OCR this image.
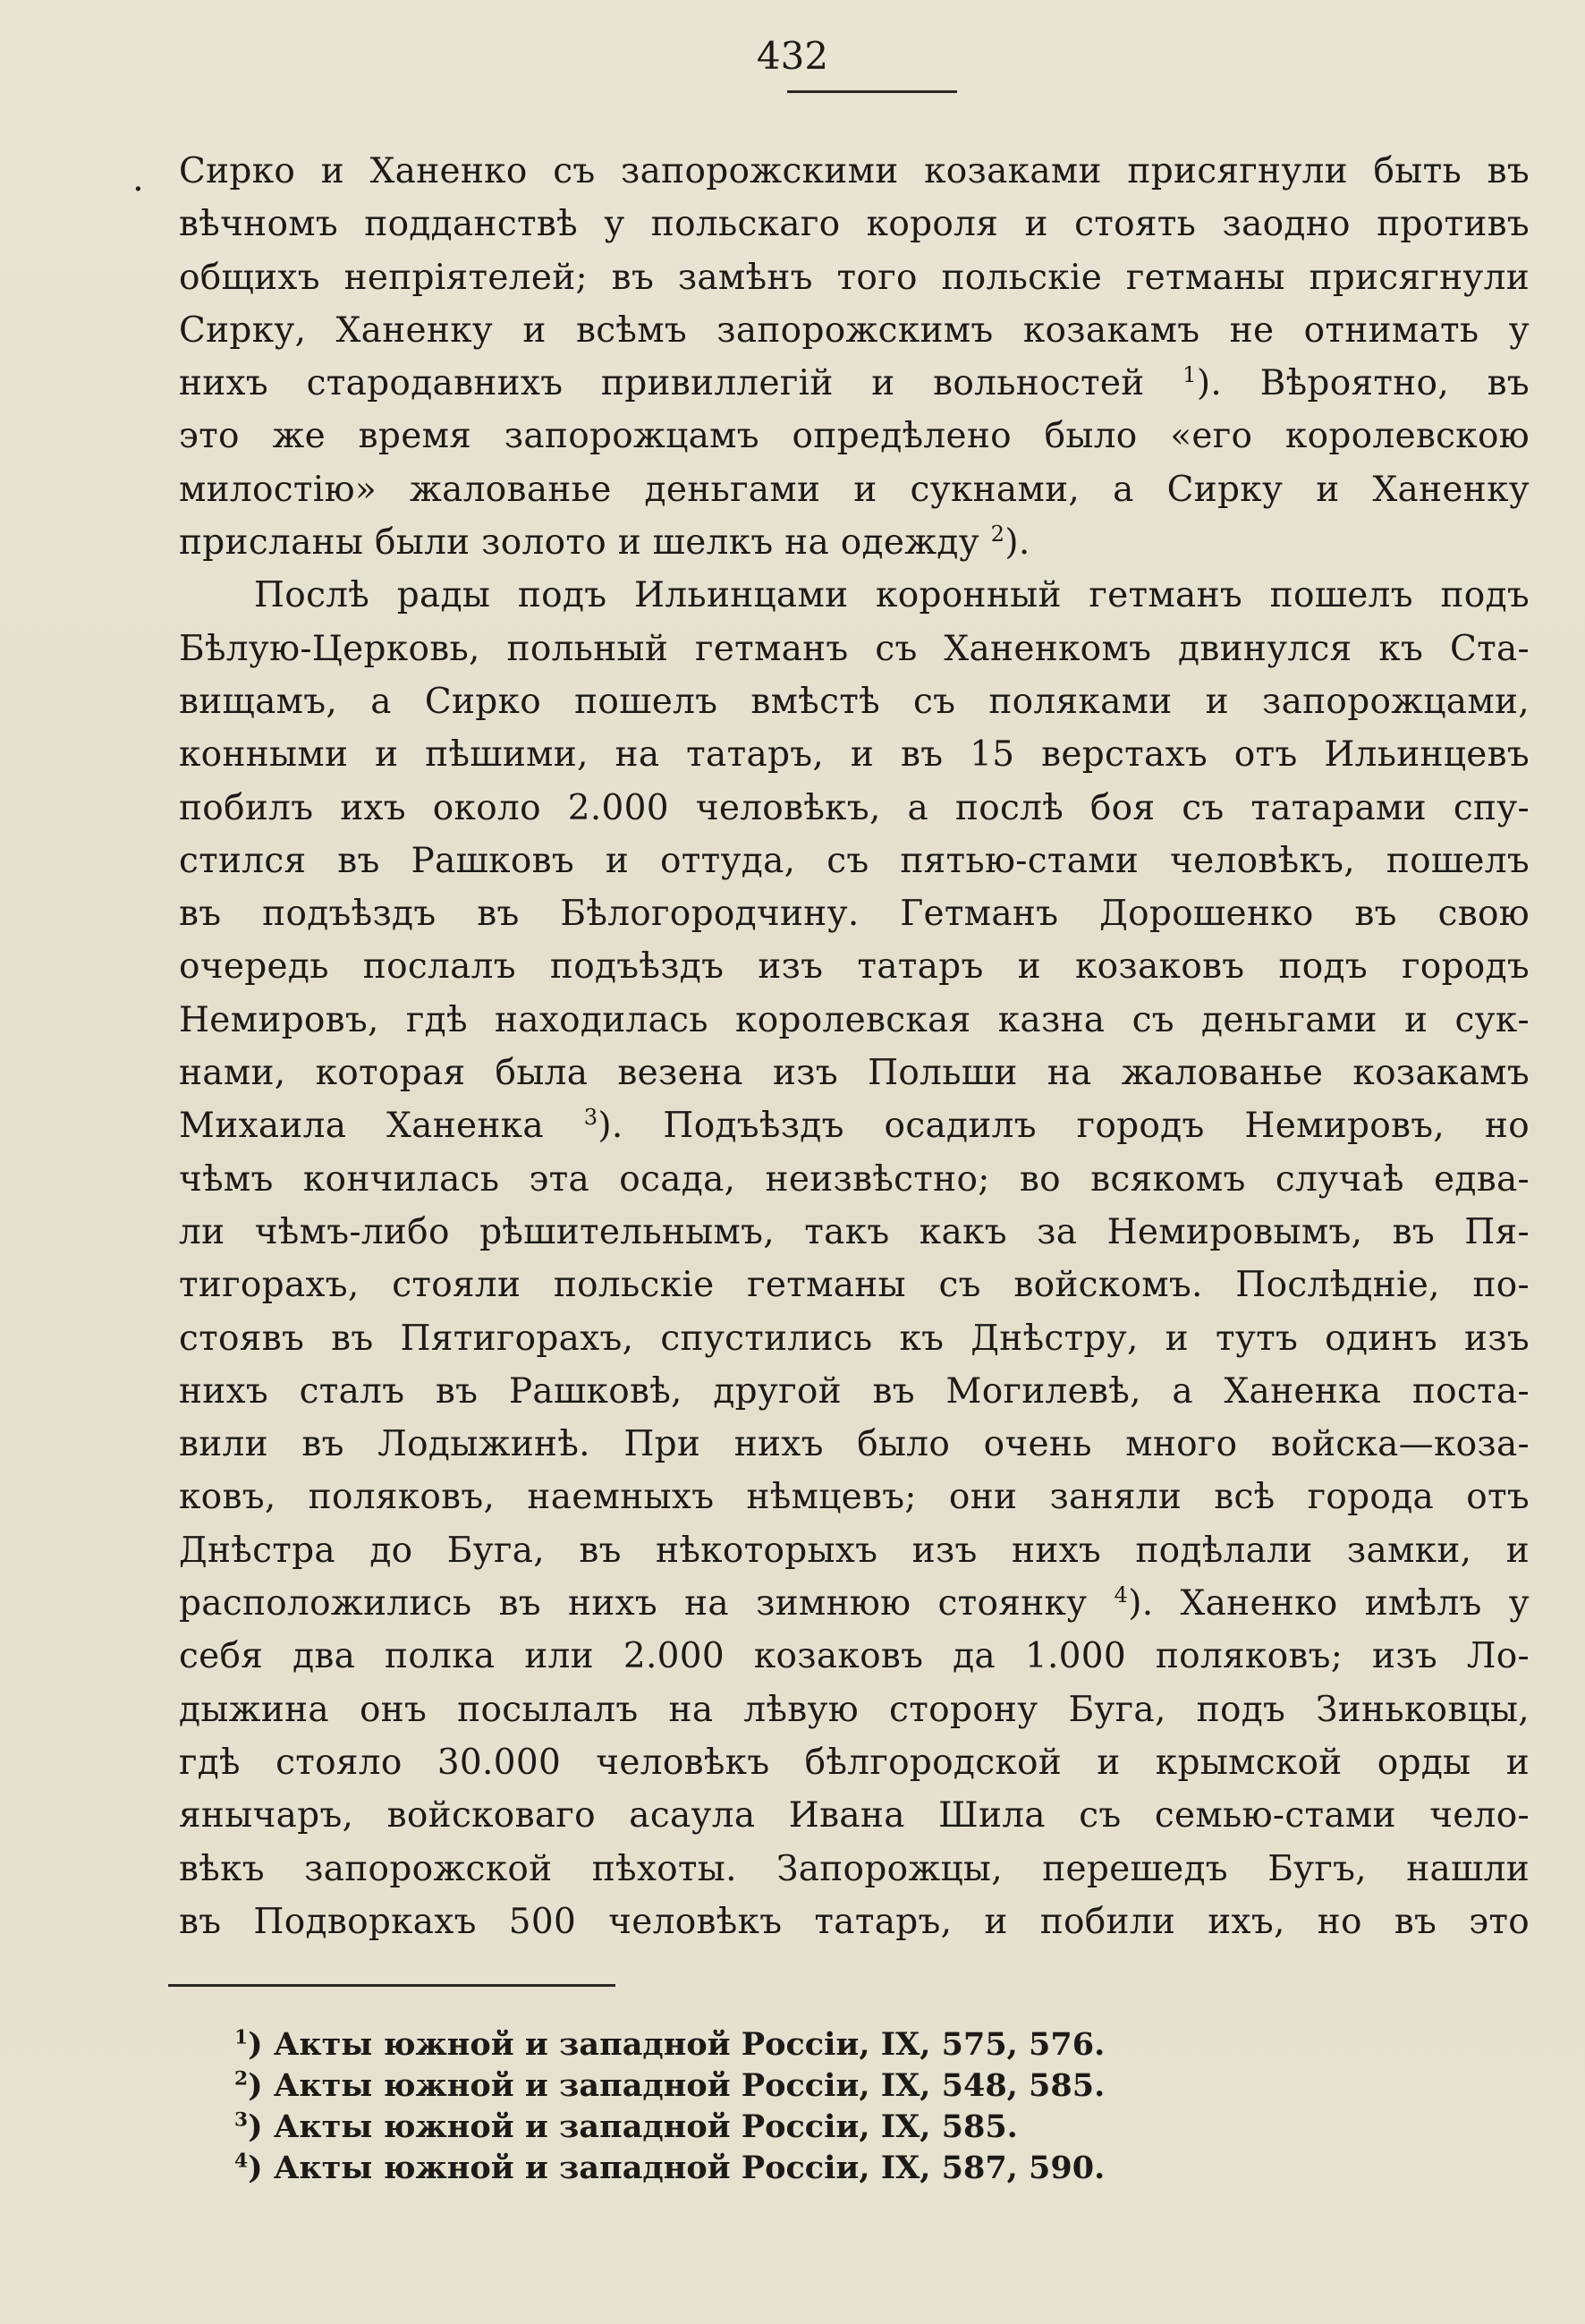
432
. Сирко и Ханенко съ запорожскими козаками присягнули быть въ
вѣчномъ подданствѣ у польскаго короля и стоять заодно противъ
общихъ непріятелей; въ замѣнъ того польскіе гетманы присягнули
Сирку, Ханенку и всѣмъ запорожскимъ козакамъ не отнимать у
нихъ стародавнихъ привиллегій и вольностей $^1$). Вѣроятно, въ
это же время запорожцамъ опредѣлено было «его королевскою
милостію» жалованье деньгами и сукнами, а Сирку и Ханенку
присланы были золото и шелкъ на одежду $^2$).
Послѣ рады подъ Ильинцами коронный гетманъ пошелъ подъ
Бѣлую-Церковь, польный гетманъ съ Ханенкомъ двинулся къ Ста-
вищамъ, а Сирко пошелъ вмѣстѣ съ поляками и запорожцами,
конными и пѣшими, на татаръ, и въ 15 верстахъ отъ Ильинцевъ
побилъ ихъ около 2.000 человѣкъ, а послѣ боя съ татарами спу-
стился въ Рашковъ и оттуда, съ пятью-стами человѣкъ, пошелъ
въ подъѣздъ въ Бѣлогородчину. Гетманъ Дорошенко въ свою
очередь послалъ подъѣздъ изъ татаръ и козаковъ подъ городъ
Немировъ, гдѣ находилась королевская казна съ деньгами и сук-
нами, которая была везена изъ Польши на жалованье козакамъ
Михаила Ханенка $^3$). Подъѣздъ осадилъ городъ Немировъ, но
чѣмъ кончилась эта осада, неизвѣстно; во всякомъ случаѣ едва-
ли чѣмъ-либо рѣшительнымъ, такъ какъ за Немировымъ, въ Пя-
тигорахъ, стояли польскіе гетманы съ войскомъ. Послѣдніе, по-
стоявъ въ Пятигорахъ, спустились къ Днѣстру, и тутъ одинъ изъ
нихъ сталъ въ Рашковѣ, другой въ Могилевѣ, а Ханенка поста-
вили въ Лодыжинѣ. При нихъ было очень много войска—коза-
ковъ, поляковъ, наемныхъ нѣмцевъ; они заняли всѣ города отъ
Днѣстра до Буга, въ нѣкоторыхъ изъ нихъ подѣлали замки, и
расположились въ нихъ на зимнюю стоянку $^4$). Ханенко имѣлъ у
себя два полка или 2.000 козаковъ да 1.000 поляковъ; изъ Ло-
дыжина онъ посылалъ на лѣвую сторону Буга, подъ Зиньковцы,
гдѣ стояло 30.000 человѣкъ бѣлгородской и крымской орды и
янычаръ, войсковаго асаула Ивана Шила съ семью-стами чело-
вѣкъ запорожской пѣхоты. Запорожцы, перешедъ Бугъ, нашли
въ Подворкахъ 500 человѣкъ татаръ, и побили ихъ, но въ это
$^1$) Акты южной и западной Россіи, IX, 575, 576.
$^2$) Акты южной и западной Россіи, IX, 548, 585.
$^3$) Акты южной и западной Россіи, IX, 585.
$^4$) Акты южной и западной Россіи, IX, 587, 590.
